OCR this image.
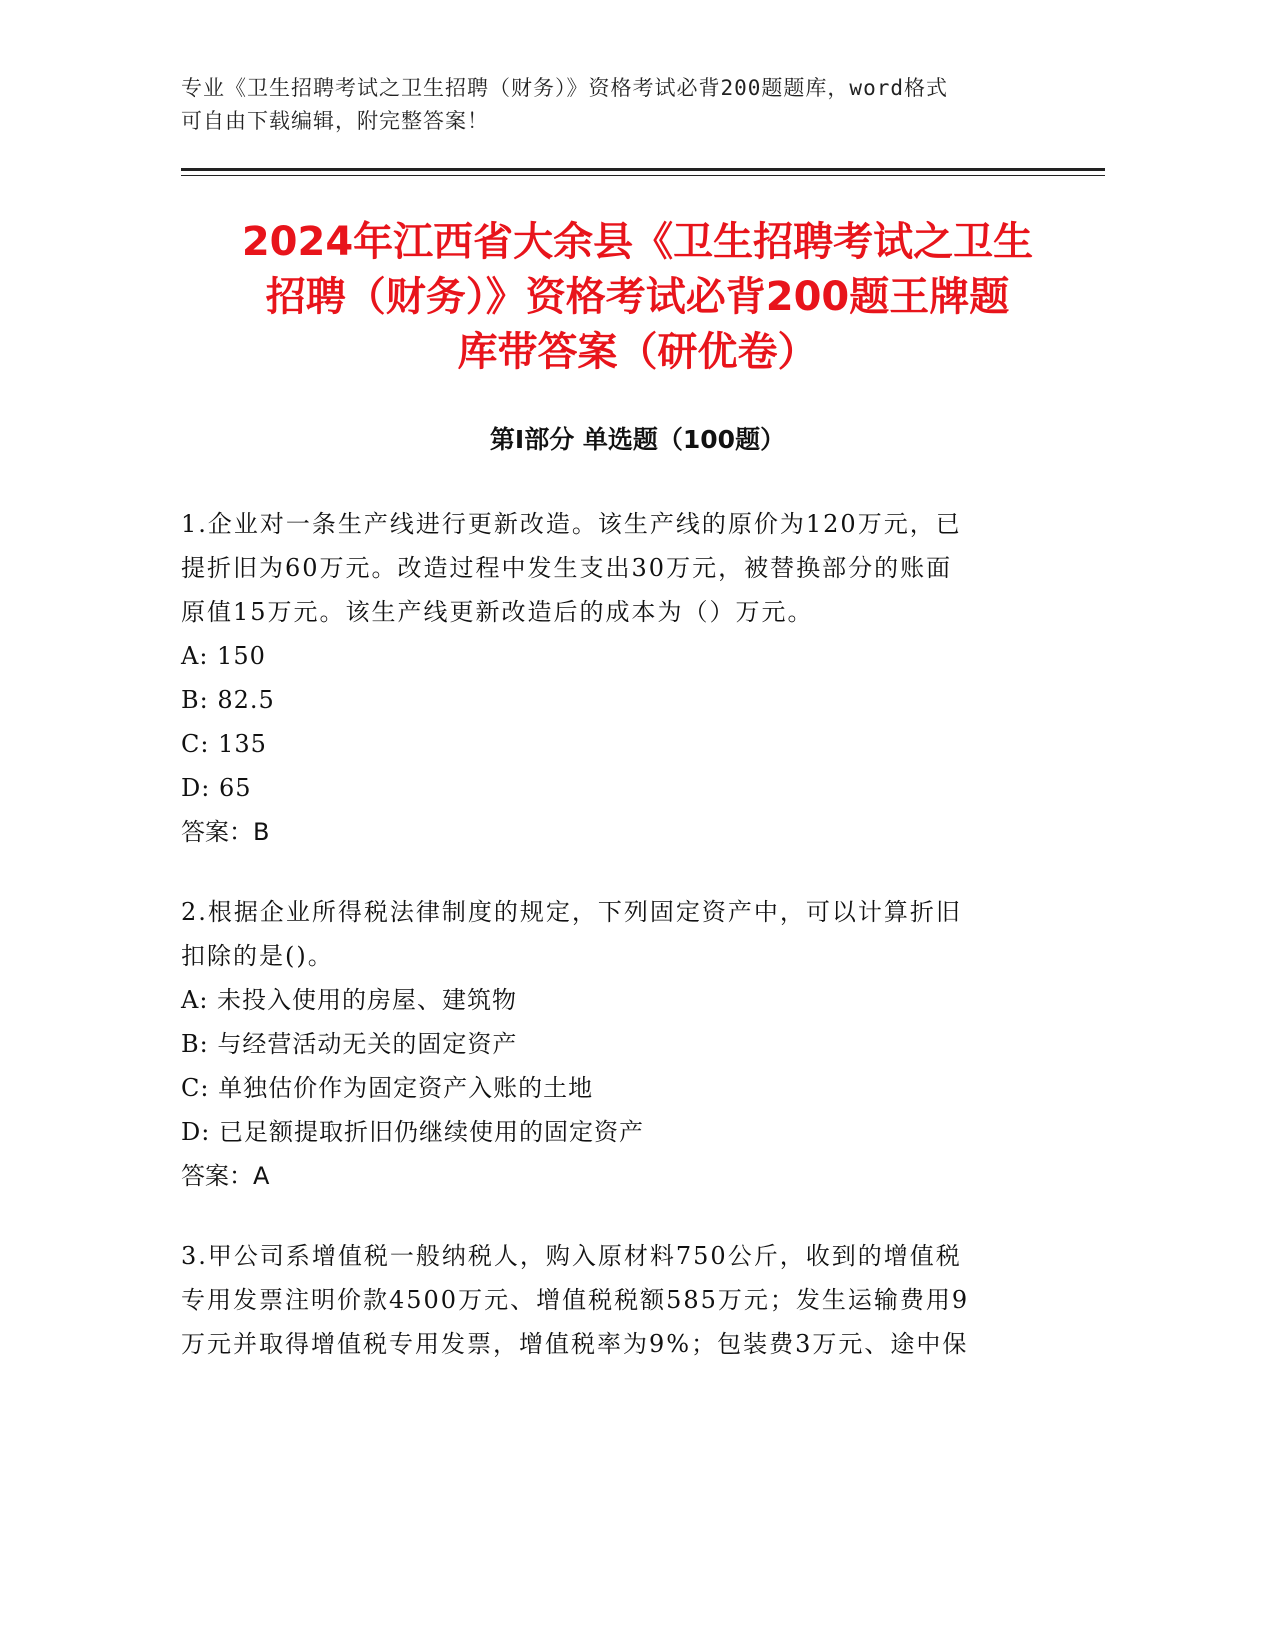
专业《卫生招聘考试之卫生招聘（财务）》资格考试必背200题题库，word格式
可自由下载编辑，附完整答案！
2024年江西省大余县《卫生招聘考试之卫生
招聘（财务）》资格考试必背200题王牌题
库带答案（研优卷）
第Ⅰ部分 单选题（100题）

1.企业对一条生产线进行更新改造。该生产线的原价为120万元，已

提折旧为60万元。改造过程中发生支出30万元，被替换部分的账面

原值15万元。该生产线更新改造后的成本为（）万元。

A: 150

B: 82.5

C: 135

D: 65

答案：B

2.根据企业所得税法律制度的规定，下列固定资产中，可以计算折旧

扣除的是()。

A: 未投入使用的房屋、建筑物

B: 与经营活动无关的固定资产

C: 单独估价作为固定资产入账的土地

D: 已足额提取折旧仍继续使用的固定资产

答案：A

3.甲公司系增值税一般纳税人，购入原材料750公斤，收到的增值税

专用发票注明价款4500万元、增值税税额585万元；发生运输费用9

万元并取得增值税专用发票，增值税率为9%；包装费3万元、途中保
